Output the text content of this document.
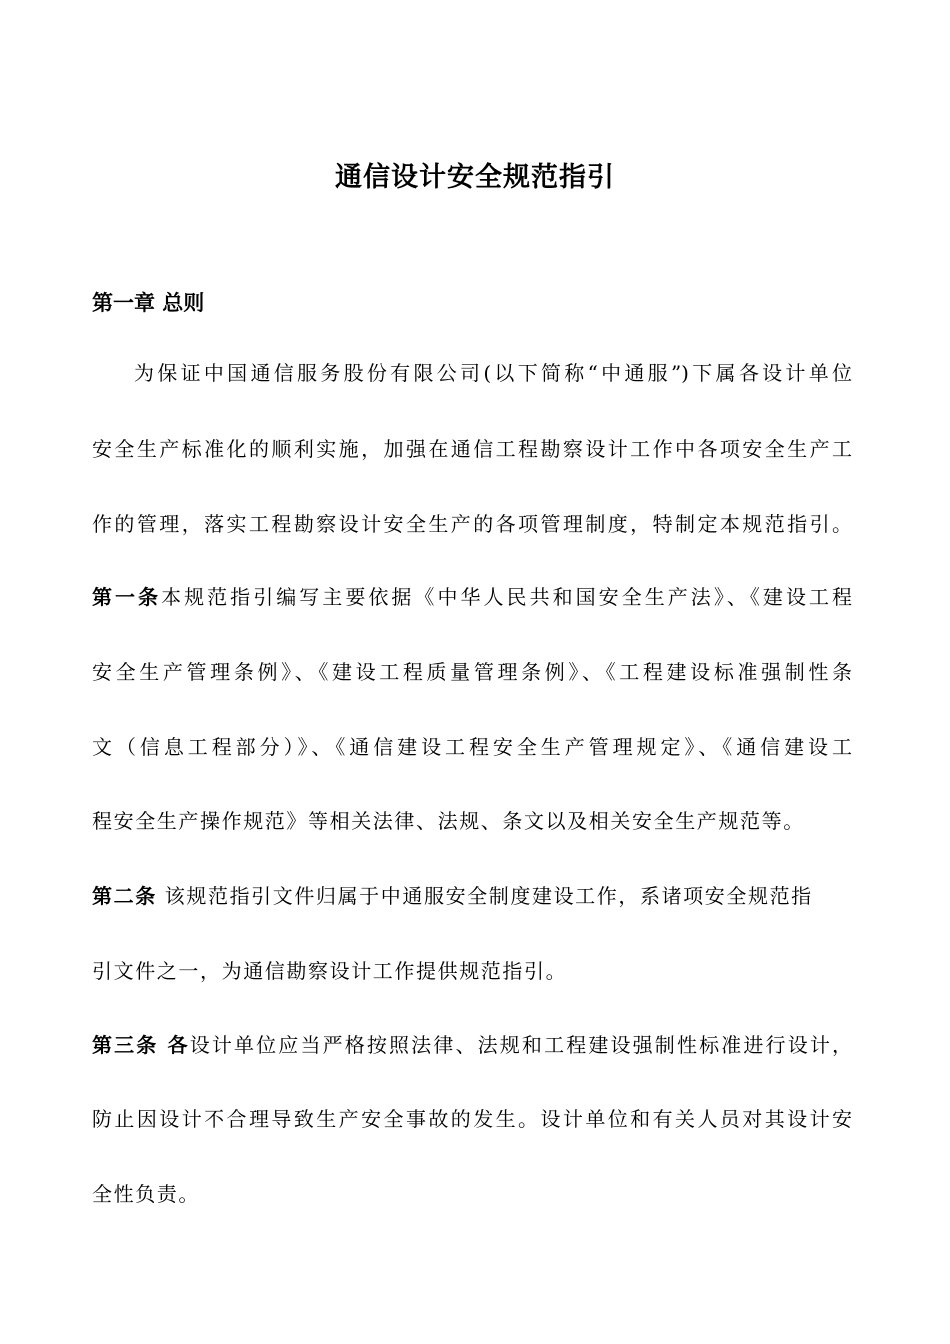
通信设计安全规范指引
第一章 总则
为保证中国通信服务股份有限公司(以下简称“中通服”)下属各设计单位
安全生产标准化的顺利实施，加强在通信工程勘察设计工作中各项安全生产工
作的管理，落实工程勘察设计安全生产的各项管理制度，特制定本规范指引。
第一条本规范指引编写主要依据《中华人民共和国安全生产法》、《建设工程
安全生产管理条例》、《建设工程质量管理条例》、《工程建设标准强制性条
文（信息工程部分）》、《通信建设工程安全生产管理规定》、《通信建设工
程安全生产操作规范》等相关法律、法规、条文以及相关安全生产规范等。
第二条 该规范指引文件归属于中通服安全制度建设工作，系诸项安全规范指
引文件之一，为通信勘察设计工作提供规范指引。
第三条 各设计单位应当严格按照法律、法规和工程建设强制性标准进行设计，
防止因设计不合理导致生产安全事故的发生。设计单位和有关人员对其设计安
全性负责。
